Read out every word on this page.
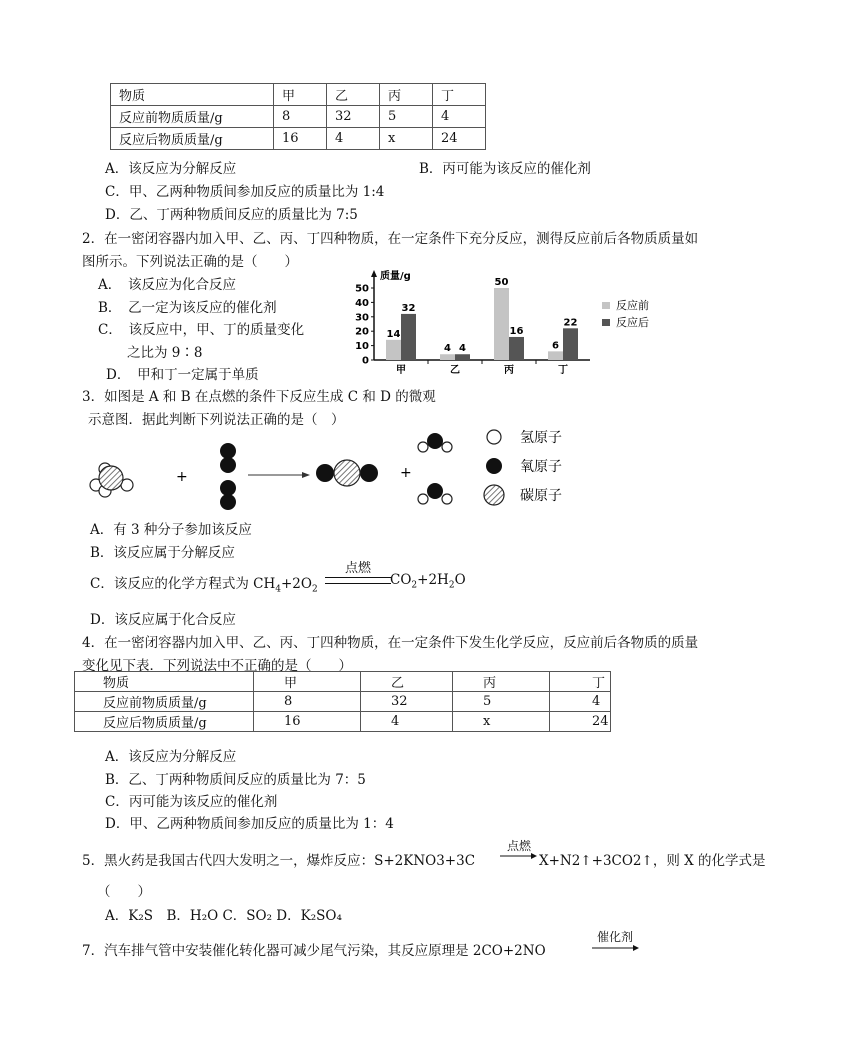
物质	甲	乙	丙	丁
反应前物质质量/g	8	32	5	4
反应后物质质量/g	16	4	x	24
A．该反应为分解反应	B．丙可能为该反应的催化剂
C．甲、乙两种物质间参加反应的质量比为 1:4
D．乙、丁两种物质间反应的质量比为 7:5
2．在一密闭容器内加入甲、乙、丙、丁四种物质，在一定条件下充分反应，测得反应前后各物质质量如
图所示。下列说法正确的是（　　）
A．　该反应为化合反应
B．　乙一定为该反应的催化剂
C．　该反应中，甲、丁的质量变化
之比为 9∶8
D．　甲和丁一定属于单质
质量/g
0
10
20
30
40
50
甲	乙	丙	丁
14
32
4 4
50
16
6
22
反应前
反应后
3．如图是 A 和 B 在点燃的条件下反应生成 C 和 D 的微观
示意图．据此判断下列说法正确的是（　）
+	+
氢原子
氧原子
碳原子
A．有 3 种分子参加该反应
B．该反应属于分解反应
C．该反应的化学方程式为 $CH_4+2O_2$
点燃
$CO_2+2H_2O$
D．该反应属于化合反应
4．在一密闭容器内加入甲、乙、丙、丁四种物质，在一定条件下发生化学反应，反应前后各物质的质量
变化见下表．下列说法中不正确的是（　　）
物质	甲	乙	丙	丁
反应前物质质量/g	8	32	5	4
反应后物质质量/g	16	4	x	24
A．该反应为分解反应
B．乙、丁两种物质间反应的质量比为 7：5
C．丙可能为该反应的催化剂
D．甲、乙两种物质间参加反应的质量比为 1：4
5．黑火药是我国古代四大发明之一，爆炸反应：S+2KNO3+3C
点燃
X+N2↑+3CO2↑，则 X 的化学式是
（　　）
A．K₂S　B．H₂O C．SO₂ D．K₂SO₄
7．汽车排气管中安装催化转化器可减少尾气污染，其反应原理是 2CO+2NO
催化剂
